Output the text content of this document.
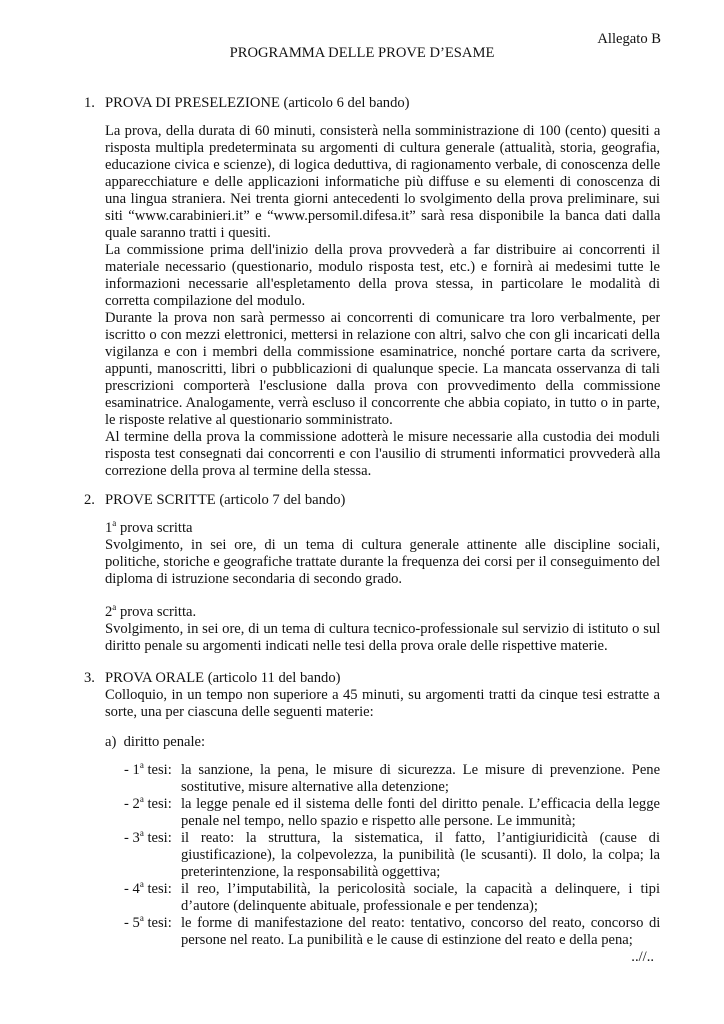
Allegato B
PROGRAMMA DELLE PROVE D’ESAME
1. PROVA DI PRESELEZIONE (articolo 6 del bando)
La prova, della durata di 60 minuti, consisterà nella somministrazione di 100 (cento) quesiti a
risposta multipla predeterminata su argomenti di cultura generale (attualità, storia, geografia,
educazione civica e scienze), di logica deduttiva, di ragionamento verbale, di conoscenza delle
apparecchiature e delle applicazioni informatiche più diffuse e su elementi di conoscenza di
una lingua straniera. Nei trenta giorni antecedenti lo svolgimento della prova preliminare, sui
siti “www.carabinieri.it” e “www.persomil.difesa.it” sarà resa disponibile la banca dati dalla
quale saranno tratti i quesiti.
La commissione prima dell'inizio della prova provvederà a far distribuire ai concorrenti il
materiale necessario (questionario, modulo risposta test, etc.) e fornirà ai medesimi tutte le
informazioni necessarie all'espletamento della prova stessa, in particolare le modalità di
corretta compilazione del modulo.
Durante la prova non sarà permesso ai concorrenti di comunicare tra loro verbalmente, per
iscritto o con mezzi elettronici, mettersi in relazione con altri, salvo che con gli incaricati della
vigilanza e con i membri della commissione esaminatrice, nonché portare carta da scrivere,
appunti, manoscritti, libri o pubblicazioni di qualunque specie. La mancata osservanza di tali
prescrizioni comporterà l'esclusione dalla prova con provvedimento della commissione
esaminatrice. Analogamente, verrà escluso il concorrente che abbia copiato, in tutto o in parte,
le risposte relative al questionario somministrato.
Al termine della prova la commissione adotterà le misure necessarie alla custodia dei moduli
risposta test consegnati dai concorrenti e con l'ausilio di strumenti informatici provvederà alla
correzione della prova al termine della stessa.
2. PROVE SCRITTE (articolo 7 del bando)
1$^a$ prova scritta
Svolgimento, in sei ore, di un tema di cultura generale attinente alle discipline sociali,
politiche, storiche e geografiche trattate durante la frequenza dei corsi per il conseguimento del
diploma di istruzione secondaria di secondo grado.
2$^a$ prova scritta.
Svolgimento, in sei ore, di un tema di cultura tecnico-professionale sul servizio di istituto o sul
diritto penale su argomenti indicati nelle tesi della prova orale delle rispettive materie.
3. PROVA ORALE (articolo 11 del bando)
Colloquio, in un tempo non superiore a 45 minuti, su argomenti tratti da cinque tesi estratte a
sorte, una per ciascuna delle seguenti materie:
a)  diritto penale:
- 1$^a$ tesi: la sanzione, la pena, le misure di sicurezza. Le misure di prevenzione. Pene
sostitutive, misure alternative alla detenzione;
- 2$^a$ tesi: la legge penale ed il sistema delle fonti del diritto penale. L’efficacia della legge
penale nel tempo, nello spazio e rispetto alle persone. Le immunità;
- 3$^a$ tesi: il reato: la struttura, la sistematica, il fatto, l’antigiuridicità (cause di
giustificazione), la colpevolezza, la punibilità (le scusanti). Il dolo, la colpa; la
preterintenzione, la responsabilità oggettiva;
- 4$^a$ tesi: il reo, l’imputabilità, la pericolosità sociale, la capacità a delinquere, i tipi
d’autore (delinquente abituale, professionale e per tendenza);
- 5$^a$ tesi: le forme di manifestazione del reato: tentativo, concorso del reato, concorso di
persone nel reato. La punibilità e le cause di estinzione del reato e della pena;
..//..
